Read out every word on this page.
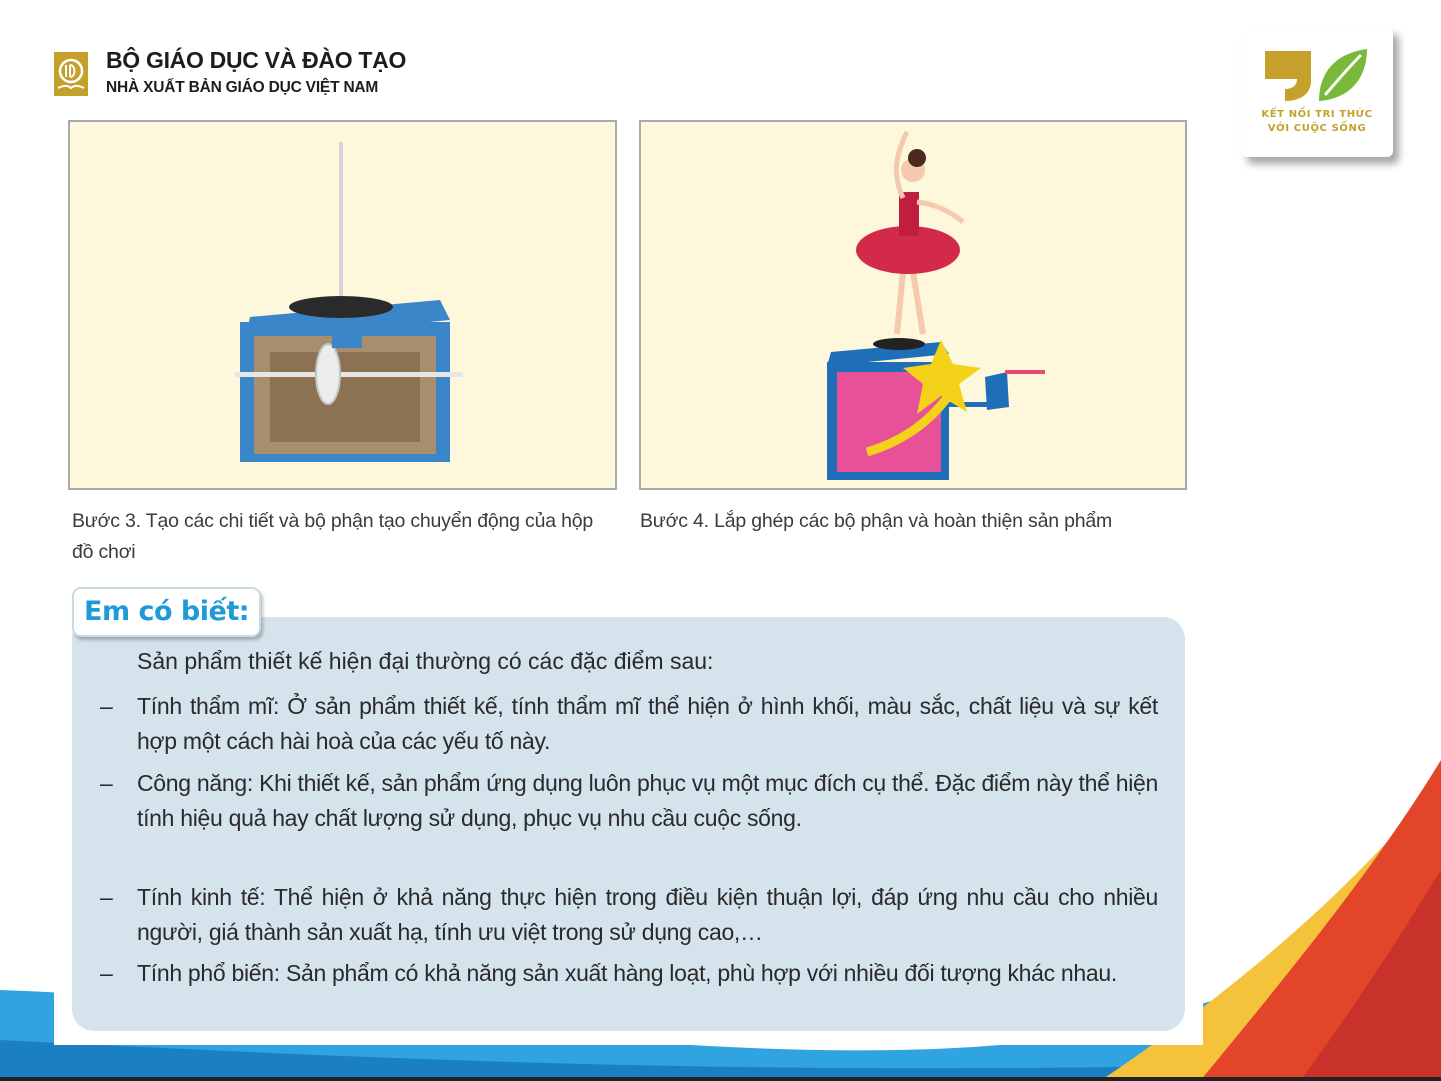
BỘ GIÁO DỤC VÀ ĐÀO TẠO
NHÀ XUẤT BẢN GIÁO DỤC VIỆT NAM
KẾT NỐI TRI THỨC
VỚI CUỘC SỐNG
Bước 3. Tạo các chi tiết và bộ phận tạo chuyển động của hộp đồ chơi
Bước 4. Lắp ghép các bộ phận và hoàn thiện sản phẩm
Em có biết:
Sản phẩm thiết kế hiện đại thường có các đặc điểm sau:
– Tính thẩm mĩ: Ở sản phẩm thiết kế, tính thẩm mĩ thể hiện ở hình khối, màu sắc, chất liệu và sự kết hợp một cách hài hoà của các yếu tố này.
– Công năng: Khi thiết kế, sản phẩm ứng dụng luôn phục vụ một mục đích cụ thể. Đặc điểm này thể hiện tính hiệu quả hay chất lượng sử dụng, phục vụ nhu cầu cuộc sống.
– Tính kinh tế: Thể hiện ở khả năng thực hiện trong điều kiện thuận lợi, đáp ứng nhu cầu cho nhiều người, giá thành sản xuất hạ, tính ưu việt trong sử dụng cao,…
– Tính phổ biến: Sản phẩm có khả năng sản xuất hàng loạt, phù hợp với nhiều đối tượng khác nhau.
